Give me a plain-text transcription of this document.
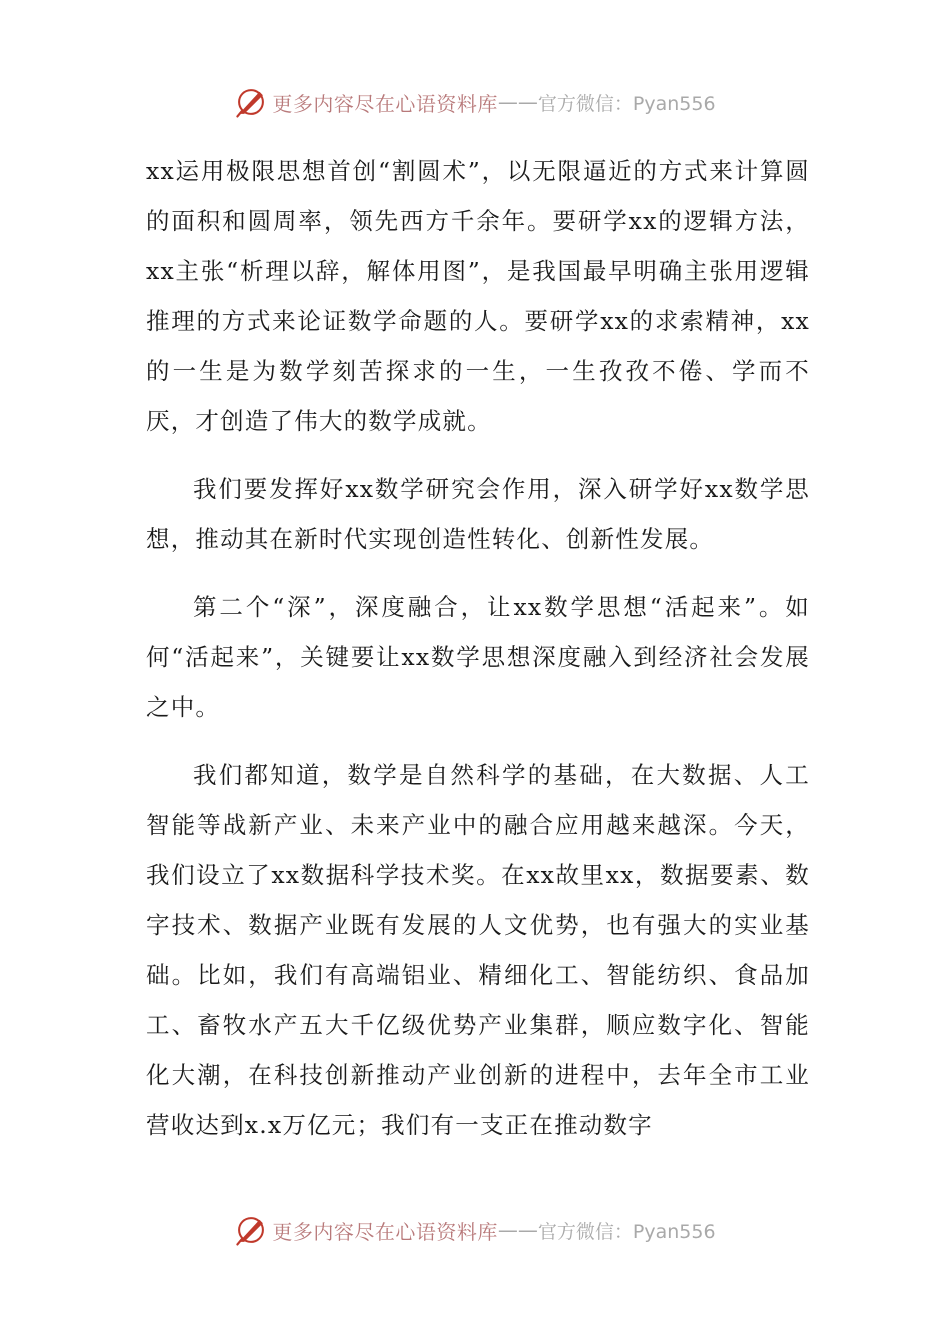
更多内容尽在心语资料库 —— 官方微信：Pyan556

xx运用极限思想首创“割圆术”，以无限逼近的方式来计算圆的面积和圆周率，领先西方千余年。要研学xx的逻辑方法，xx主张“析理以辞，解体用图”，是我国最早明确主张用逻辑推理的方式来论证数学命题的人。要研学xx的求索精神，xx的一生是为数学刻苦探求的一生，一生孜孜不倦、学而不厌，才创造了伟大的数学成就。

我们要发挥好xx数学研究会作用，深入研学好xx数学思想，推动其在新时代实现创造性转化、创新性发展。

第二个“深”，深度融合，让xx数学思想“活起来”。如何“活起来”，关键要让xx数学思想深度融入到经济社会发展之中。

我们都知道，数学是自然科学的基础，在大数据、人工智能等战新产业、未来产业中的融合应用越来越深。今天，我们设立了xx数据科学技术奖。在xx故里xx，数据要素、数字技术、数据产业既有发展的人文优势，也有强大的实业基础。比如，我们有高端铝业、精细化工、智能纺织、食品加工、畜牧水产五大千亿级优势产业集群，顺应数字化、智能化大潮，在科技创新推动产业创新的进程中，去年全市工业营收达到x.x万亿元；我们有一支正在推动数字

更多内容尽在心语资料库 —— 官方微信：Pyan556
